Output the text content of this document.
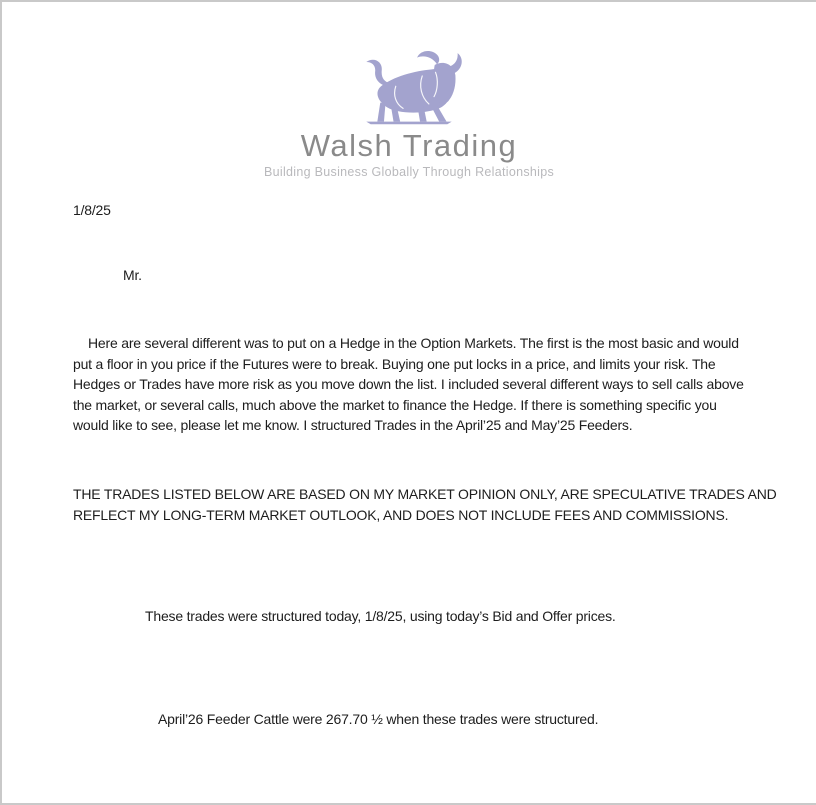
Walsh Trading
Building Business Globally Through Relationships
1/8/25
Mr.
Here are several different was to put on a Hedge in the Option Markets. The first is the most basic and would
put a floor in you price if the Futures were to break. Buying one put locks in a price, and limits your risk. The
Hedges or Trades have more risk as you move down the list. I included several different ways to sell calls above
the market, or several calls, much above the market to finance the Hedge. If there is something specific you
would like to see, please let me know. I structured Trades in the April’25 and May’25 Feeders.
THE TRADES LISTED BELOW ARE BASED ON MY MARKET OPINION ONLY, ARE SPECULATIVE TRADES AND
REFLECT MY LONG-TERM MARKET OUTLOOK, AND DOES NOT INCLUDE FEES AND COMMISSIONS.
These trades were structured today, 1/8/25, using today’s Bid and Offer prices.
April’26 Feeder Cattle were 267.70 ½ when these trades were structured.
